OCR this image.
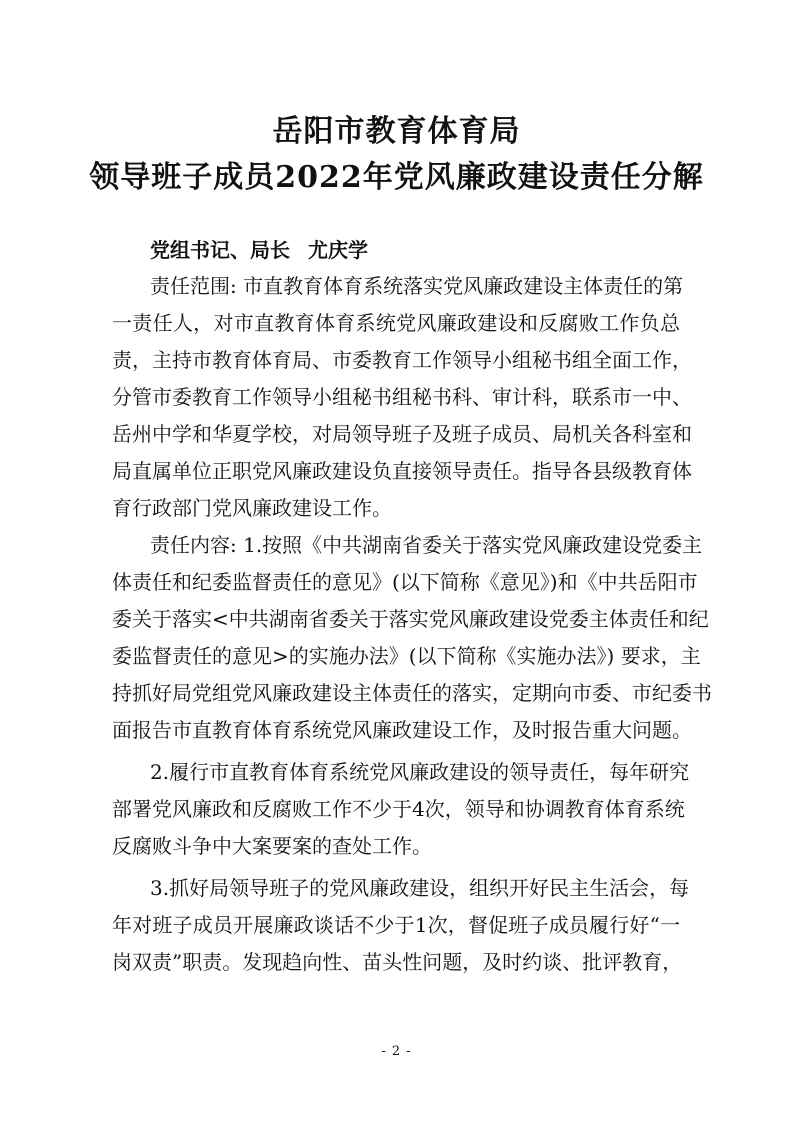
岳阳市教育体育局
领导班子成员2022年党风廉政建设责任分解
党组书记、局长 尤庆学
责任范围: 市直教育体育系统落实党风廉政建设主体责任的第
一责任人，对市直教育体育系统党风廉政建设和反腐败工作负总
责，主持市教育体育局、市委教育工作领导小组秘书组全面工作，
分管市委教育工作领导小组秘书组秘书科、审计科，联系市一中、
岳州中学和华夏学校，对局领导班子及班子成员、局机关各科室和
局直属单位正职党风廉政建设负直接领导责任。指导各县级教育体
育行政部门党风廉政建设工作。
责任内容: 1.按照《中共湖南省委关于落实党风廉政建设党委主
体责任和纪委监督责任的意见》(以下简称《意见》)和《中共岳阳市
委关于落实<中共湖南省委关于落实党风廉政建设党委主体责任和纪
委监督责任的意见>的实施办法》(以下简称《实施办法》) 要求，主
持抓好局党组党风廉政建设主体责任的落实，定期向市委、市纪委书
面报告市直教育体育系统党风廉政建设工作，及时报告重大问题。
2.履行市直教育体育系统党风廉政建设的领导责任，每年研究
部署党风廉政和反腐败工作不少于4次，领导和协调教育体育系统
反腐败斗争中大案要案的查处工作。
3.抓好局领导班子的党风廉政建设，组织开好民主生活会，每
年对班子成员开展廉政谈话不少于1次，督促班子成员履行好“一
岗双责”职责。发现趋向性、苗头性问题，及时约谈、批评教育，
- 2 -
